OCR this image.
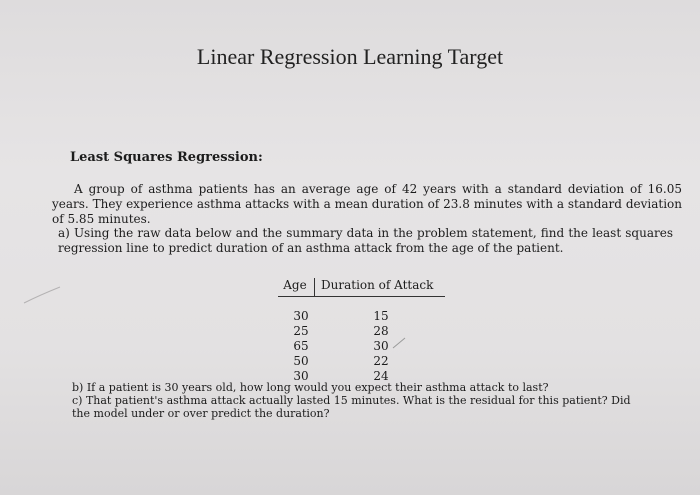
Linear Regression Learning Target
Least Squares Regression:
A group of asthma patients has an average age of 42 years with a standard deviation of 16.05 years. They experience asthma attacks with a mean duration of 23.8 minutes with a standard deviation of 5.85 minutes.
a) Using the raw data below and the summary data in the problem statement, find the least squares regression line to predict duration of an asthma attack from the age of the patient.
Age	Duration of Attack
30	15
25	28
65	30
50	22
30	24
b) If a patient is 30 years old, how long would you expect their asthma attack to last?
c) That patient's asthma attack actually lasted 15 minutes. What is the residual for this patient? Did the model under or over predict the duration?
